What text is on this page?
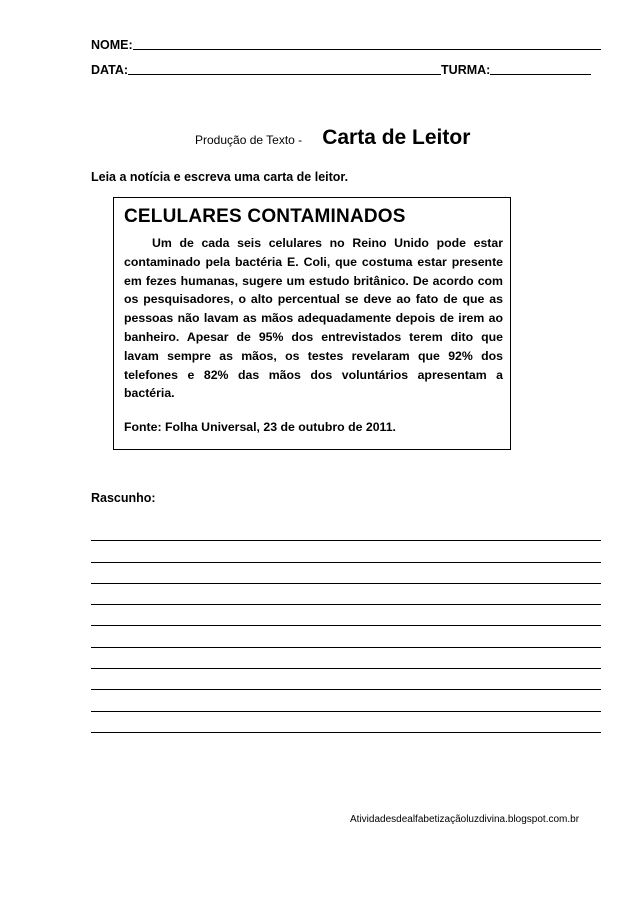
NOME:
DATA:	TURMA:
Produção de Texto - Carta de Leitor
Leia a notícia e escreva uma carta de leitor.
CELULARES CONTAMINADOS

Um de cada seis celulares no Reino Unido pode estar contaminado pela bactéria E. Coli, que costuma estar presente em fezes humanas, sugere um estudo britânico. De acordo com os pesquisadores, o alto percentual se deve ao fato de que as pessoas não lavam as mãos adequadamente depois de irem ao banheiro. Apesar de 95% dos entrevistados terem dito que lavam sempre as mãos, os testes revelaram que 92% dos telefones e 82% das mãos dos voluntários apresentam a bactéria.

Fonte: Folha Universal, 23 de outubro de 2011.
Rascunho:
Atividadesdealfabetizaçãoluzdivina.blogspot.com.br
